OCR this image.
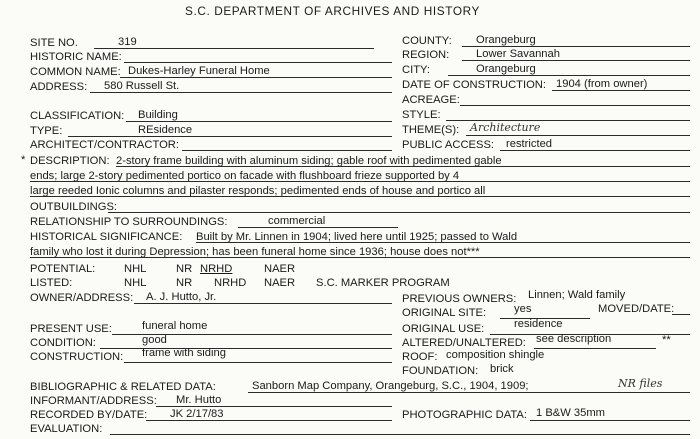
S.C. DEPARTMENT OF ARCHIVES AND HISTORY
SITE NO.	319	COUNTY: Orangeburg
HISTORIC NAME:	REGION: Lower Savannah
COMMON NAME: Dukes-Harley Funeral Home	CITY:	Orangeburg
ADDRESS: 580 Russell St.	DATE OF CONSTRUCTION: 1904 (from owner)
ACREAGE:
CLASSIFICATION: Building	STYLE:
TYPE:	REsidence	THEME(S): Architecture
ARCHITECT/CONTRACTOR:	PUBLIC ACCESS: restricted
* DESCRIPTION: 2-story frame building with aluminum siding; gable roof with pedimented gable
ends; large 2-story pedimented portico on facade with flushboard frieze supported by 4
large reeded Ionic columns and pilaster responds; pedimented ends of house and portico all
OUTBUILDINGS:
RELATIONSHIP TO SURROUNDINGS:	commercial
HISTORICAL SIGNIFICANCE: Built by Mr. Linnen in 1904; lived here until 1925; passed to Wald
family who lost it during Depression; has been funeral home since 1936; house does not***
POTENTIAL:	NHL	NR NRHD	NAER
LISTED:	NHL	NR NRHD NAER S.C. MARKER PROGRAM
OWNER/ADDRESS: A. J. Hutto, Jr.	PREVIOUS OWNERS: Linnen; Wald family
ORIGINAL SITE: yes	MOVED/DATE:
PRESENT USE:	funeral home	ORIGINAL USE:	residence
CONDITION:	good	ALTERED/UNALTERED: see description	**
CONSTRUCTION: frame with siding	ROOF: composition shingle
FOUNDATION: brick
BIBLIOGRAPHIC & RELATED DATA:	Sanborn Map Company, Orangeburg, S.C., 1904, 1909;	NR files
INFORMANT/ADDRESS: Mr. Hutto
RECORDED BY/DATE: JK 2/17/83	PHOTOGRAPHIC DATA: 1 B&W 35mm
EVALUATION:
